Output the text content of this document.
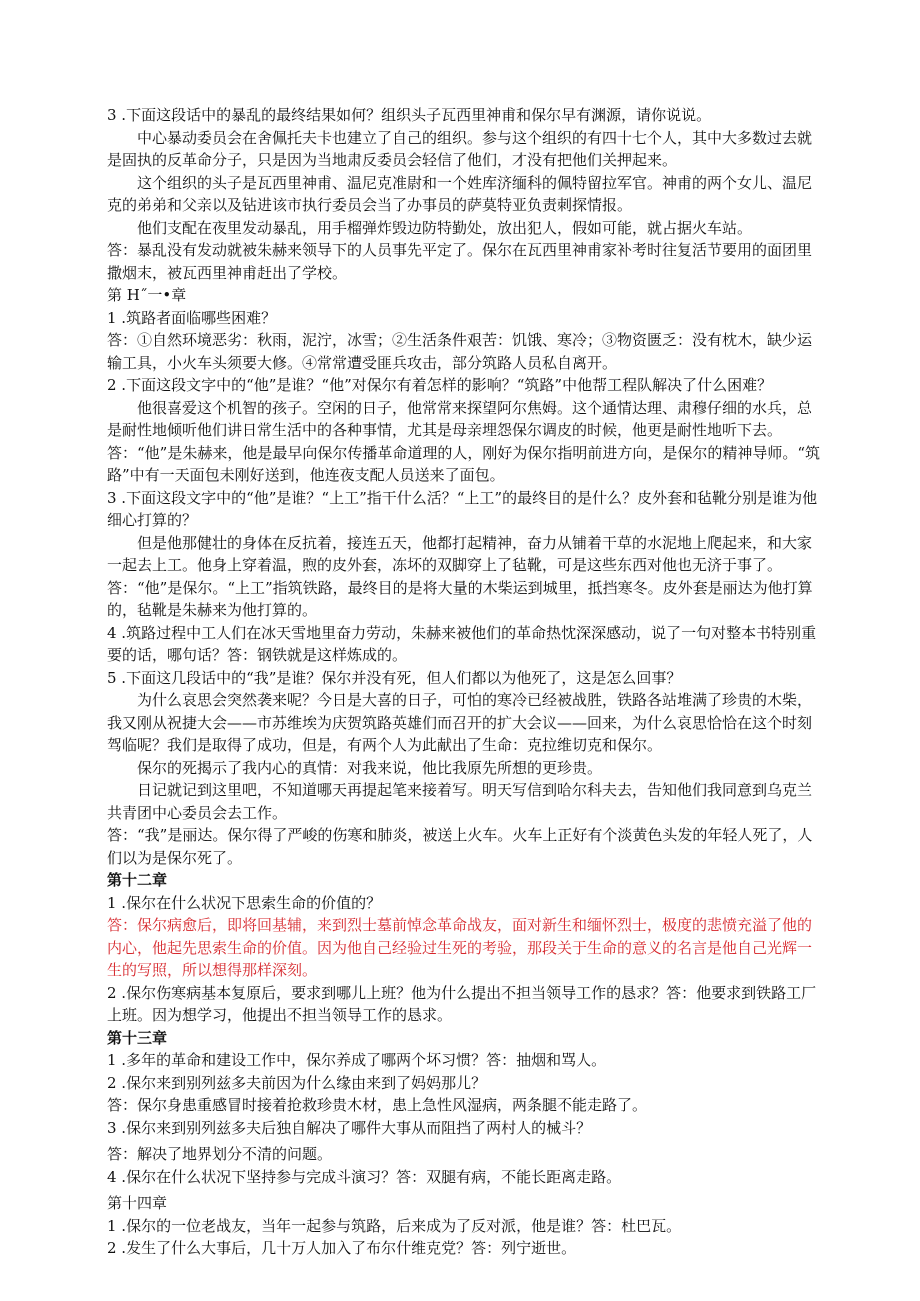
3 .下面这段话中的暴乱的最终结果如何？组织头子瓦西里神甫和保尔早有渊源，请你说说。

中心暴动委员会在舍佩托夫卡也建立了自己的组织。参与这个组织的有四十七个人，其中大多数过去就是固执的反革命分子，只是因为当地肃反委员会轻信了他们，才没有把他们关押起来。

这个组织的头子是瓦西里神甫、温尼克准尉和一个姓库济缅科的佩特留拉军官。神甫的两个女儿、温尼克的弟弟和父亲以及钻进该市执行委员会当了办事员的萨莫特亚负责刺探情报。

他们支配在夜里发动暴乱，用手榴弹炸毁边防特勤处，放出犯人，假如可能，就占据火车站。

答：暴乱没有发动就被朱赫来领导下的人员事先平定了。保尔在瓦西里神甫家补考时往复活节要用的面团里撒烟末，被瓦西里神甫赶出了学校。

第 H˝一•章

1 .筑路者面临哪些困难？

答：①自然环境恶劣：秋雨，泥泞，冰雪；②生活条件艰苦：饥饿、寒冷；③物资匮乏：没有枕木，缺少运输工具，小火车头须要大修。④常常遭受匪兵攻击，部分筑路人员私自离开。

2 .下面这段文字中的“他”是谁？“他”对保尔有着怎样的影响？“筑路”中他帮工程队解决了什么困难？

他很喜爱这个机智的孩子。空闲的日子，他常常来探望阿尔焦姆。这个通情达理、肃穆仔细的水兵，总是耐性地倾听他们讲日常生活中的各种事情，尤其是母亲埋怨保尔调皮的时候，他更是耐性地听下去。

答：“他”是朱赫来，他是最早向保尔传播革命道理的人，刚好为保尔指明前进方向，是保尔的精神导师。“筑路”中有一天面包未刚好送到，他连夜支配人员送来了面包。

3 .下面这段文字中的“他”是谁？“上工”指干什么活？“上工”的最终目的是什么？皮外套和毡靴分别是谁为他细心打算的？

但是他那健壮的身体在反抗着，接连五天，他都打起精神，奋力从铺着干草的水泥地上爬起来，和大家一起去上工。他身上穿着温，煦的皮外套，冻坏的双脚穿上了毡靴，可是这些东西对他也无济于事了。

答：“他”是保尔。“上工”指筑铁路，最终目的是将大量的木柴运到城里，抵挡寒冬。皮外套是丽达为他打算的，毡靴是朱赫来为他打算的。

4 .筑路过程中工人们在冰天雪地里奋力劳动，朱赫来被他们的革命热忱深深感动，说了一句对整本书特别重要的话，哪句话？答：钢铁就是这样炼成的。

5 .下面这几段话中的“我”是谁？保尔并没有死，但人们都以为他死了，这是怎么回事？

为什么哀思会突然袭来呢？今日是大喜的日子，可怕的寒冷已经被战胜，铁路各站堆满了珍贵的木柴，我又刚从祝捷大会——市苏维埃为庆贺筑路英雄们而召开的扩大会议——回来，为什么哀思恰恰在这个时刻驾临呢？我们是取得了成功，但是，有两个人为此献出了生命：克拉维切克和保尔。

保尔的死揭示了我内心的真情：对我来说，他比我原先所想的更珍贵。

日记就记到这里吧，不知道哪天再提起笔来接着写。明天写信到哈尔科夫去，告知他们我同意到乌克兰共青团中心委员会去工作。

答：“我”是丽达。保尔得了严峻的伤寒和肺炎，被送上火车。火车上正好有个淡黄色头发的年轻人死了，人们以为是保尔死了。

第十二章

1 .保尔在什么状况下思索生命的价值的？

答：保尔病愈后，即将回基辅，来到烈士墓前悼念革命战友，面对新生和缅怀烈士，极度的悲愤充溢了他的内心，他起先思索生命的价值。因为他自己经验过生死的考验，那段关于生命的意义的名言是他自己光辉一生的写照，所以想得那样深刻。

2 .保尔伤寒病基本复原后，要求到哪儿上班？他为什么提出不担当领导工作的恳求？答：他要求到铁路工厂上班。因为想学习，他提出不担当领导工作的恳求。

第十三章

1 .多年的革命和建设工作中，保尔养成了哪两个坏习惯？答：抽烟和骂人。

2 .保尔来到别列兹多夫前因为什么缘由来到了妈妈那儿？

答：保尔身患重感冒时接着抢救珍贵木材，患上急性风湿病，两条腿不能走路了。

3 .保尔来到别列兹多夫后独自解决了哪件大事从而阻挡了两村人的械斗？

答：解决了地界划分不清的问题。

4 .保尔在什么状况下坚持参与完成斗演习？答：双腿有病，不能长距离走路。

第十四章

1 .保尔的一位老战友，当年一起参与筑路，后来成为了反对派，他是谁？答：杜巴瓦。

2 .发生了什么大事后，几十万人加入了布尔什维克党？答：列宁逝世。
